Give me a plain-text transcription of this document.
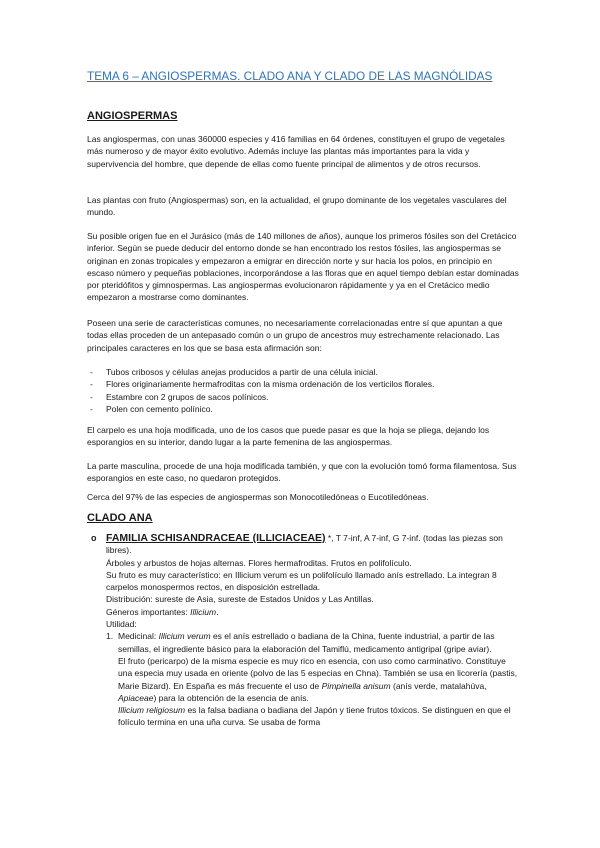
TEMA 6 – ANGIOSPERMAS. CLADO ANA Y CLADO DE LAS MAGNÓLIDAS
ANGIOSPERMAS

Las angiospermas, con unas 360000 especies y 416 familias en 64 órdenes, constituyen el grupo de vegetales más numeroso y de mayor éxito evolutivo. Además incluye las plantas más importantes para la vida y supervivencia del hombre, que depende de ellas como fuente principal de alimentos y de otros recursos.

Las plantas con fruto (Angiospermas) son, en la actualidad, el grupo dominante de los vegetales vasculares del mundo.

Su posible origen fue en el Jurásico (más de 140 millones de años), aunque los primeros fósiles son del Cretácico inferior. Según se puede deducir del entorno donde se han encontrado los restos fósiles, las angiospermas se originan en zonas tropicales y empezaron a emigrar en dirección norte y sur hacia los polos, en principio en escaso número y pequeñas poblaciones, incorporándose a las floras que en aquel tiempo debían estar dominadas por pteridófitos y gimnospermas. Las angiospermas evolucionaron rápidamente y ya en el Cretácico medio empezaron a mostrarse como dominantes.

Poseen una serie de características comunes, no necesariamente correlacionadas entre sí que apuntan a que todas ellas proceden de un antepasado común o un grupo de ancestros muy estrechamente relacionado. Las principales caracteres en los que se basa esta afirmación son:

- Tubos cribosos y células anejas producidos a partir de una célula inicial.
- Flores originariamente hermafroditas con la misma ordenación de los verticilos florales.
- Estambre con 2 grupos de sacos polínicos.
- Polen con cemento polínico.

El carpelo es una hoja modificada, uno de los casos que puede pasar es que la hoja se pliega, dejando los esporangios en su interior, dando lugar a la parte femenina de las angiospermas.

La parte masculina, procede de una hoja modificada también, y que con la evolución tomó forma filamentosa. Sus esporangios en este caso, no quedaron protegidos.

Cerca del 97% de las especies de angiospermas son Monocotiledóneas o Eucotiledóneas.

CLADO ANA
o FAMILIA SCHISANDRACEAE (ILLICIACEAE) *, T 7-inf, A 7-inf, G 7-inf. (todas las piezas son libres).

Árboles y arbustos de hojas alternas. Flores hermafroditas. Frutos en polifolículo.

Su fruto es muy característico: en Illicium verum es un polifolículo llamado anís estrellado. La integran 8 carpelos monospermos rectos, en disposición estrellada.

Distribución: sureste de Asia, sureste de Estados Unidos y Las Antillas.

Géneros importantes: Illicium.

Utilidad:

1. Medicinal: Illicium verum es el anís estrellado o badiana de la China, fuente industrial, a partir de las semillas, el ingrediente básico para la elaboración del Tamiflú, medicamento antigripal (gripe aviar).

El fruto (pericarpo) de la misma especie es muy rico en esencia, con uso como carminativo. Constituye una especia muy usada en oriente (polvo de las 5 especias en Chna). También se usa en licorería (pastis, Marie Bizard). En España es más frecuente el uso de Pimpinella anisum (anís verde, matalahúva, Apiaceae) para la obtención de la esencia de anís.

Illicium religiosum es la falsa badiana o badiana del Japón y tiene frutos tóxicos. Se distinguen en que el folículo termina en una uña curva. Se usaba de forma
